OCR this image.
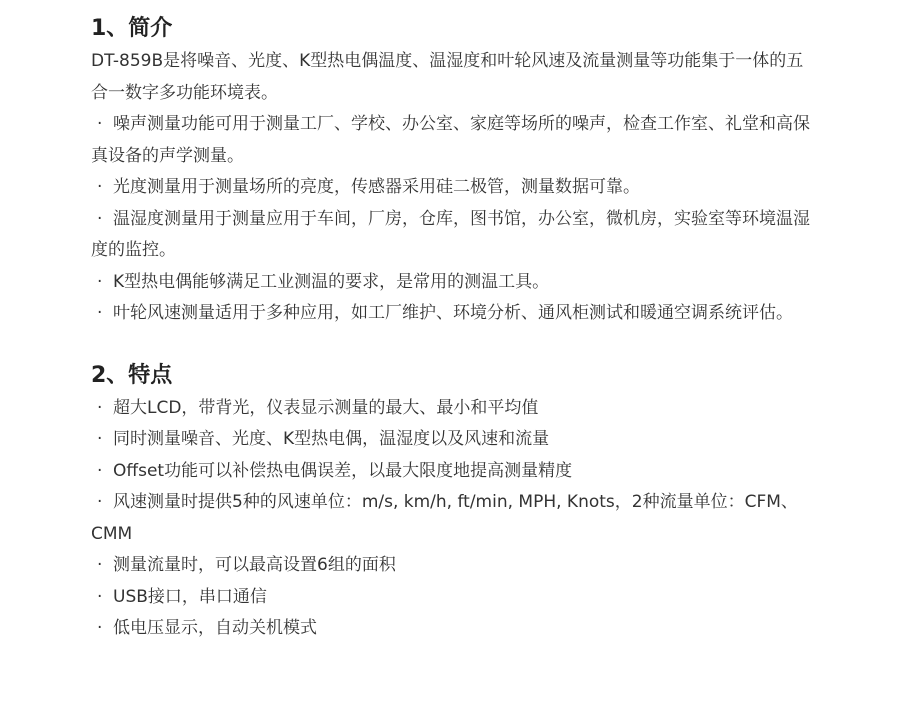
1、简介

DT-859B是将噪音、光度、K型热电偶温度、温湿度和叶轮风速及流量测量等功能集于一体的五合一数字多功能环境表。

· 噪声测量功能可用于测量工厂、学校、办公室、家庭等场所的噪声，检查工作室、礼堂和高保真设备的声学测量。
· 光度测量用于测量场所的亮度，传感器采用硅二极管，测量数据可靠。
· 温湿度测量用于测量应用于车间，厂房，仓库，图书馆，办公室，微机房，实验室等环境温湿度的监控。
· K型热电偶能够满足工业测温的要求，是常用的测温工具。
· 叶轮风速测量适用于多种应用，如工厂维护、环境分析、通风柜测试和暖通空调系统评估。
2、特点
· 超大LCD，带背光，仪表显示测量的最大、最小和平均值
· 同时测量噪音、光度、K型热电偶，温湿度以及风速和流量
· Offset功能可以补偿热电偶误差，以最大限度地提高测量精度
· 风速测量时提供5种的风速单位：m/s, km/h, ft/min, MPH, Knots，2种流量单位：CFM、CMM
· 测量流量时，可以最高设置6组的面积
· USB接口，串口通信
· 低电压显示，自动关机模式
